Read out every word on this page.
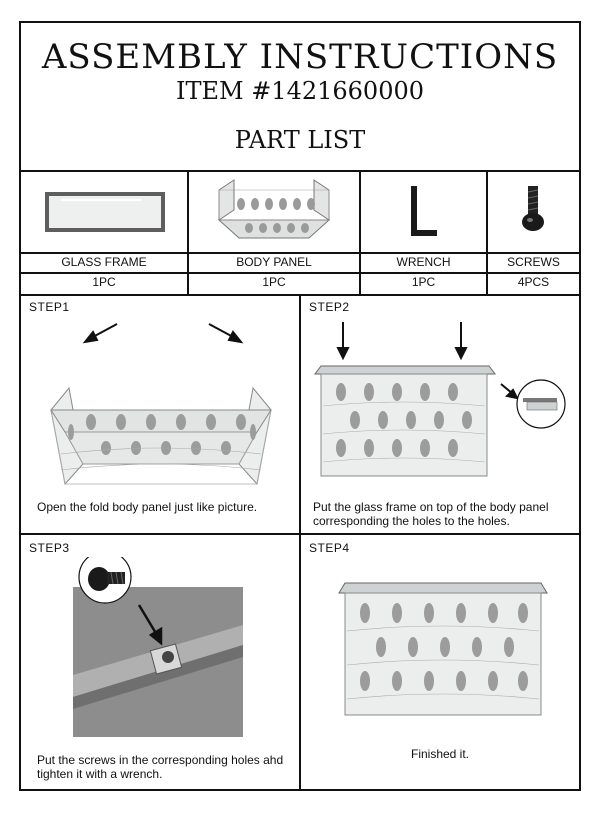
ASSEMBLY INSTRUCTIONS
ITEM #1421660000
PART LIST
GLASS FRAME
1PC
BODY PANEL
1PC
WRENCH
1PC
SCREWS
4PCS
STEP1
Open the fold body panel just like picture.
STEP2
Put the glass frame on top of the body panel corresponding the holes to the holes.
STEP3
Put the screws in the corresponding holes ahd tighten it with a wrench.
STEP4
Finished it.
